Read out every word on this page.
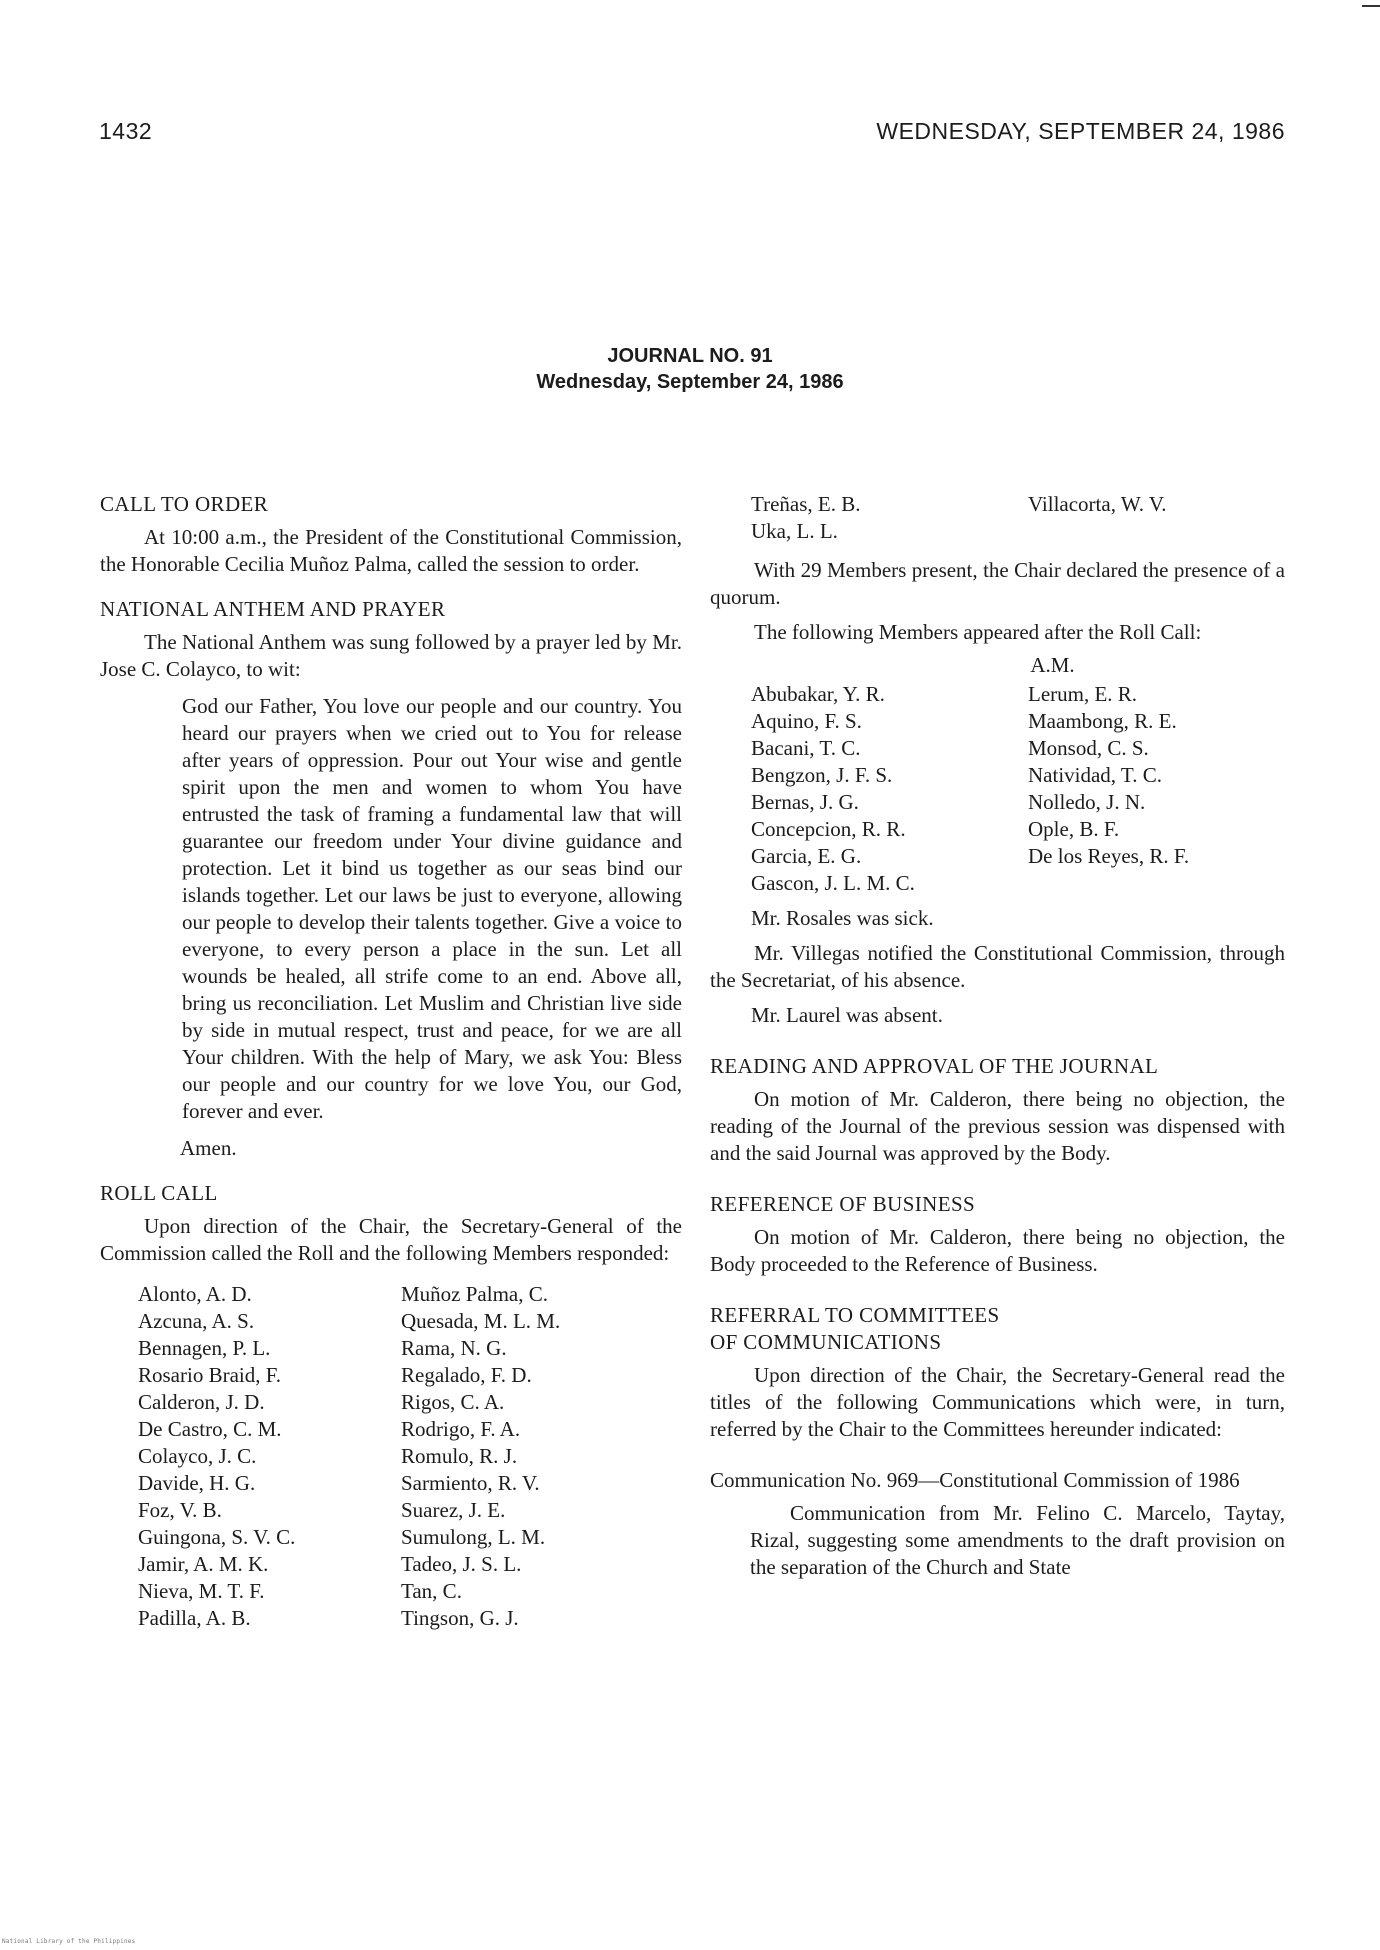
1432	WEDNESDAY, SEPTEMBER 24, 1986
JOURNAL NO. 91
Wednesday, September 24, 1986
CALL TO ORDER

At 10:00 a.m., the President of the Constitutional Commission, the Honorable Cecilia Muñoz Palma, called the session to order.

NATIONAL ANTHEM AND PRAYER

The National Anthem was sung followed by a prayer led by Mr. Jose C. Colayco, to wit:

God our Father, You love our people and our country. You heard our prayers when we cried out to You for release after years of oppression. Pour out Your wise and gentle spirit upon the men and women to whom You have entrusted the task of framing a fundamental law that will guarantee our freedom under Your divine guidance and protection. Let it bind us together as our seas bind our islands together. Let our laws be just to everyone, allowing our people to develop their talents together. Give a voice to everyone, to every person a place in the sun. Let all wounds be healed, all strife come to an end. Above all, bring us reconciliation. Let Muslim and Christian live side by side in mutual respect, trust and peace, for we are all Your children. With the help of Mary, we ask You: Bless our people and our country for we love You, our God, forever and ever.

Amen.

ROLL CALL

Upon direction of the Chair, the Secretary-General of the Commission called the Roll and the following Members responded:

Alonto, A. D.
Azcuna, A. S.
Bennagen, P. L.
Rosario Braid, F.
Calderon, J. D.
De Castro, C. M.
Colayco, J. C.
Davide, H. G.
Foz, V. B.
Guingona, S. V. C.
Jamir, A. M. K.
Nieva, M. T. F.
Padilla, A. B.
Muñoz Palma, C.
Quesada, M. L. M.
Rama, N. G.
Regalado, F. D.
Rigos, C. A.
Rodrigo, F. A.
Romulo, R. J.
Sarmiento, R. V.
Suarez, J. E.
Sumulong, L. M.
Tadeo, J. S. L.
Tan, C.
Tingson, G. J.
Treñas, E. B.
Uka, L. L.
Villacorta, W. V.

With 29 Members present, the Chair declared the presence of a quorum.

The following Members appeared after the Roll Call:

A.M.
Abubakar, Y. R.
Aquino, F. S.
Bacani, T. C.
Bengzon, J. F. S.
Bernas, J. G.
Concepcion, R. R.
Garcia, E. G.
Gascon, J. L. M. C.
Lerum, E. R.
Maambong, R. E.
Monsod, C. S.
Natividad, T. C.
Nolledo, J. N.
Ople, B. F.
De los Reyes, R. F.

Mr. Rosales was sick.

Mr. Villegas notified the Constitutional Commission, through the Secretariat, of his absence.

Mr. Laurel was absent.

READING AND APPROVAL OF THE JOURNAL

On motion of Mr. Calderon, there being no objection, the reading of the Journal of the previous session was dispensed with and the said Journal was approved by the Body.

REFERENCE OF BUSINESS

On motion of Mr. Calderon, there being no objection, the Body proceeded to the Reference of Business.

REFERRAL TO COMMITTEES
OF COMMUNICATIONS

Upon direction of the Chair, the Secretary-General read the titles of the following Communications which were, in turn, referred by the Chair to the Committees hereunder indicated:

Communication No. 969—Constitutional Commission of 1986

Communication from Mr. Felino C. Marcelo, Taytay, Rizal, suggesting some amendments to the draft provision on the separation of the Church and State

National Library of the Philippines
